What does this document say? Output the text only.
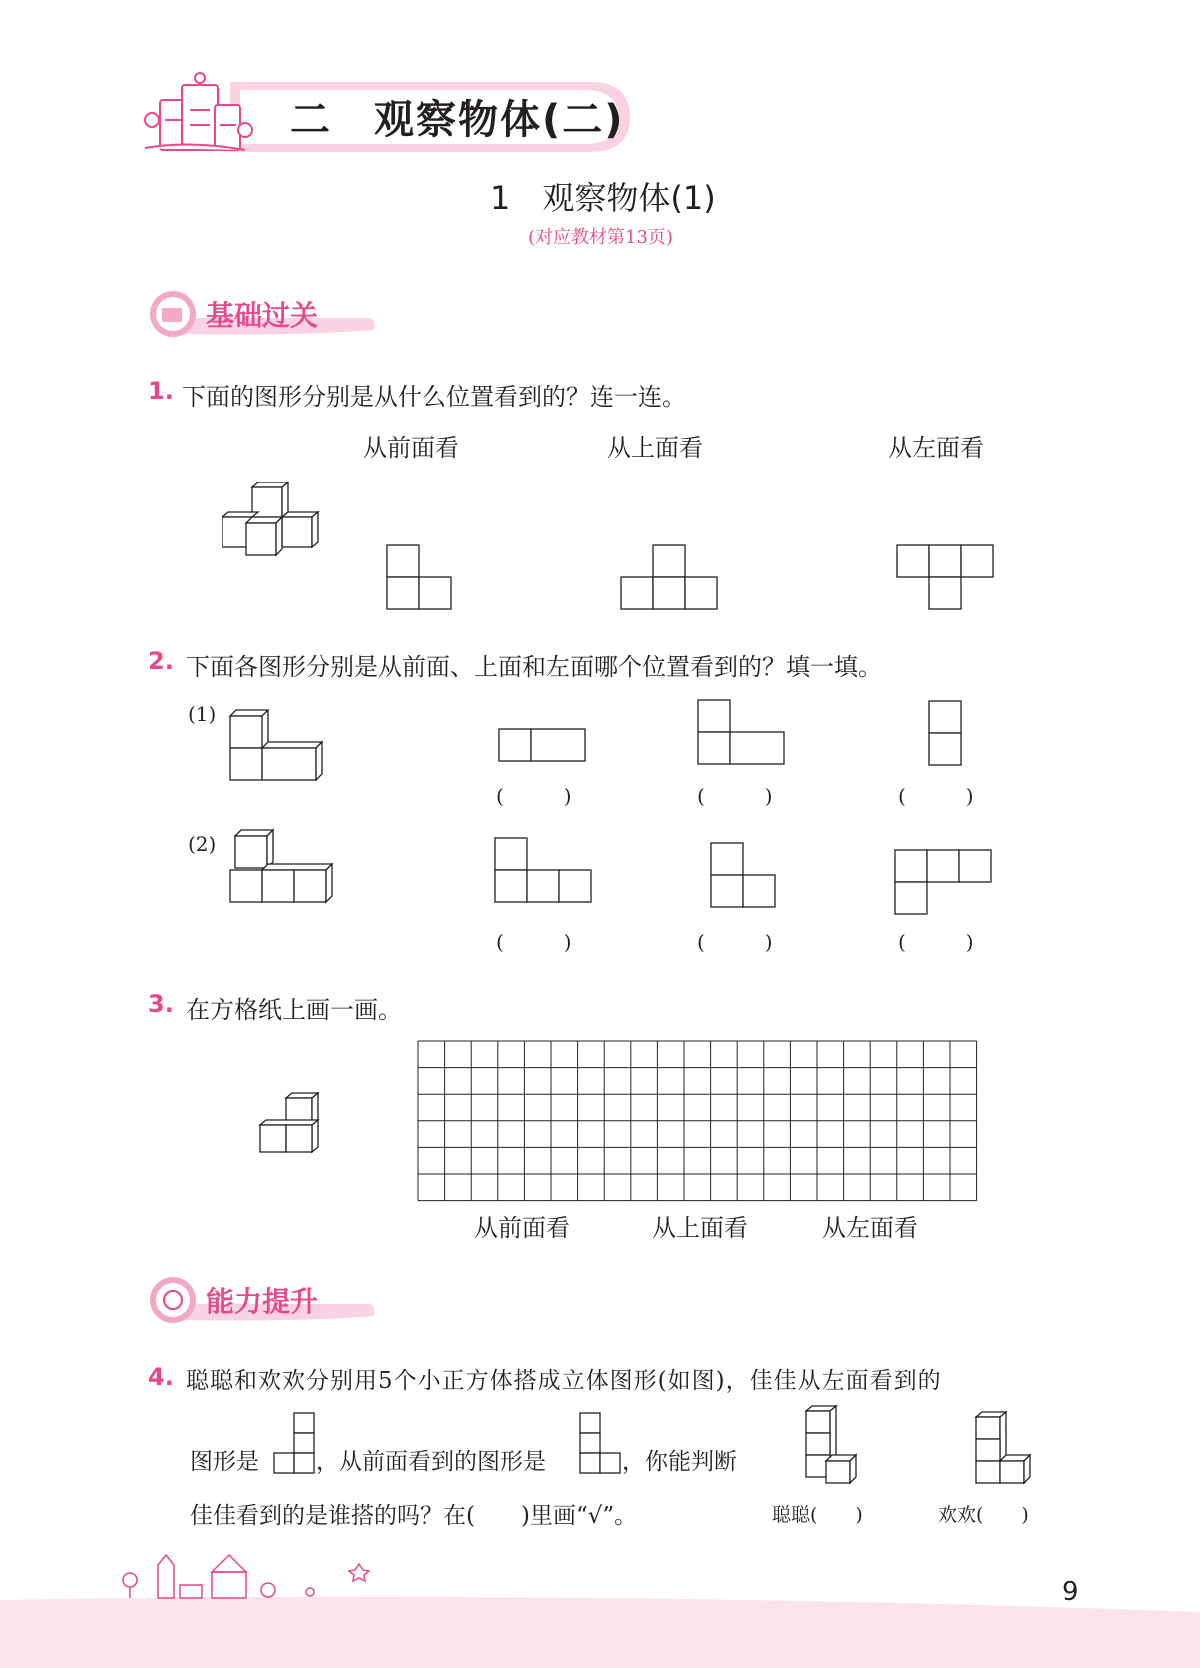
二　观察物体(二)
1　观察物体(1)
(对应教材第13页)
基础过关
1. 下面的图形分别是从什么位置看到的？连一连。
从前面看	从上面看	从左面看
2. 下面各图形分别是从前面、上面和左面哪个位置看到的？填一填。
(1)
(　　　)	(　　　)	(　　　)
(2)
(　　　)	(　　　)	(　　　)
3. 在方格纸上画一画。
从前面看	从上面看	从左面看
能力提升
4. 聪聪和欢欢分别用5个小正方体搭成立体图形(如图)，佳佳从左面看到的
图形是 ，从前面看到的图形是	，你能判断
佳佳看到的是谁搭的吗？在(　　)里画“√”。	聪聪(　　)	欢欢(　　)
9
